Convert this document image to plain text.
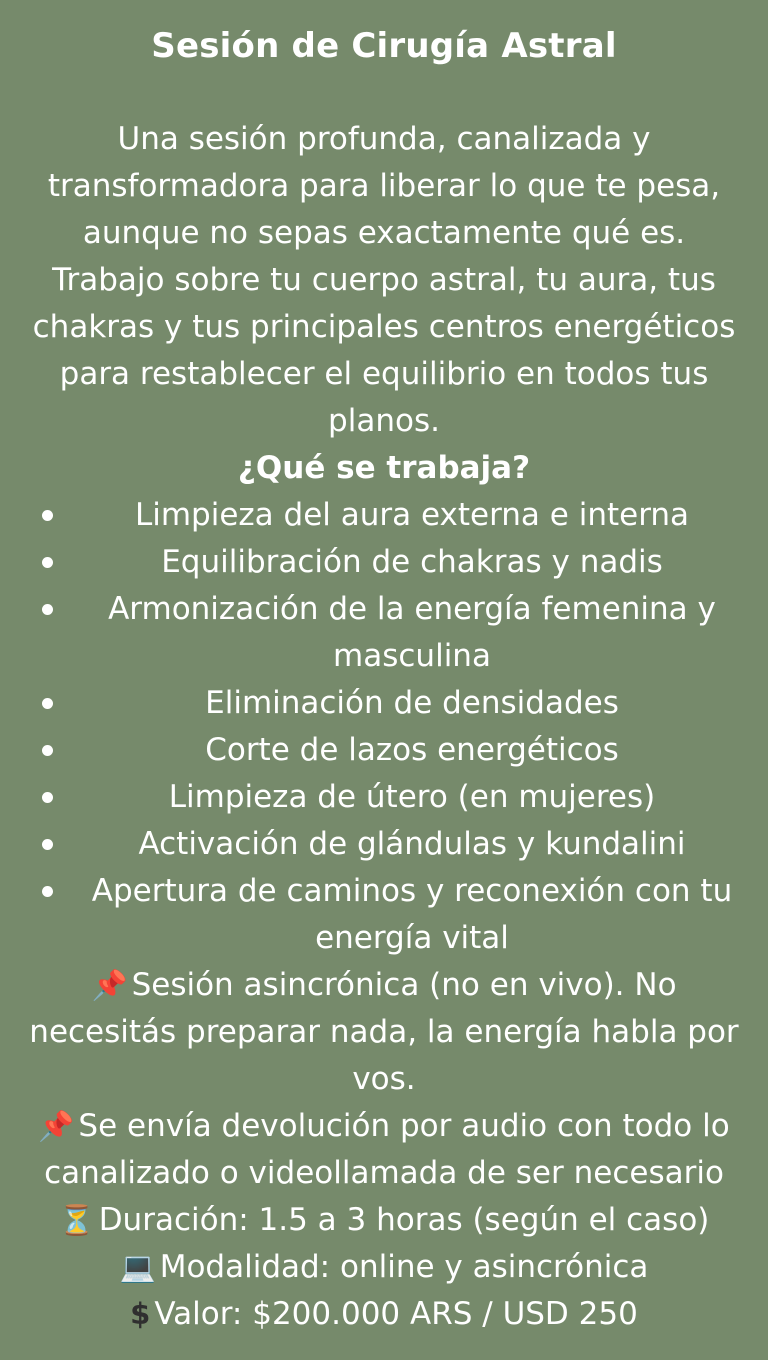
Sesión de Cirugía Astral

Una sesión profunda, canalizada y transformadora para liberar lo que te pesa, aunque no sepas exactamente qué es. Trabajo sobre tu cuerpo astral, tu aura, tus chakras y tus principales centros energéticos para restablecer el equilibrio en todos tus planos.

¿Qué se trabaja?
Limpieza del aura externa e interna
Equilibración de chakras y nadis
Armonización de la energía femenina y masculina
Eliminación de densidades
Corte de lazos energéticos
Limpieza de útero (en mujeres)
Activación de glándulas y kundalini
Apertura de caminos y reconexión con tu energía vital

📌 Sesión asincrónica (no en vivo). No necesitás preparar nada, la energía habla por vos.

📌 Se envía devolución por audio con todo lo canalizado o videollamada de ser necesario

⏳ Duración: 1.5 a 3 horas (según el caso)

💻 Modalidad: online y asincrónica

$ Valor: $200.000 ARS / USD 250
